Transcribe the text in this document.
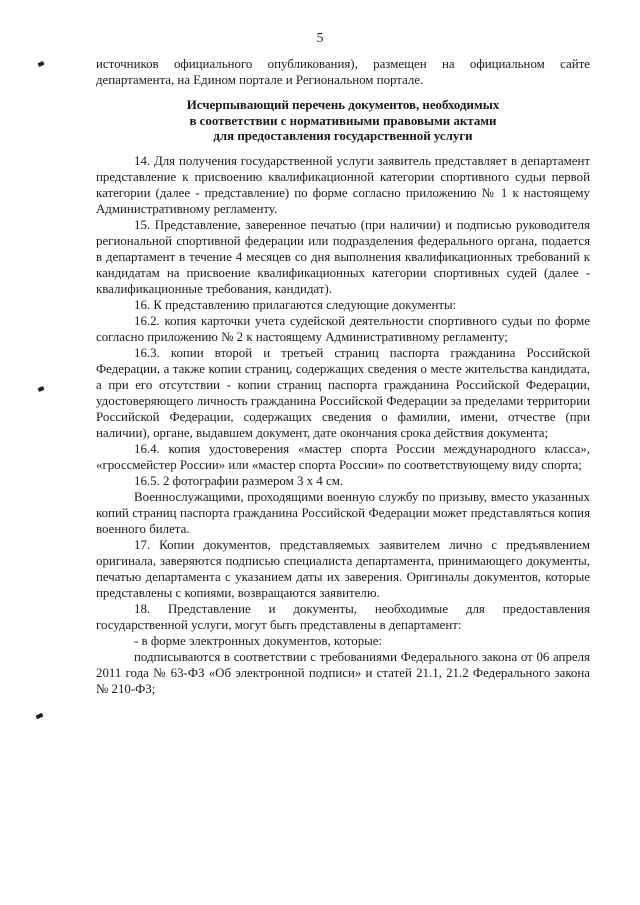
5

источников официального опубликования), размещен на официальном сайте департамента, на Едином портале и Региональном портале.

Исчерпывающий перечень документов, необходимых
в соответствии с нормативными правовыми актами
для предоставления государственной услуги

14. Для получения государственной услуги заявитель представляет в департамент представление к присвоению квалификационной категории спортивного судьи первой категории (далее - представление) по форме согласно приложению № 1 к настоящему Административному регламенту.

15. Представление, заверенное печатью (при наличии) и подписью руководителя региональной спортивной федерации или подразделения федерального органа, подается в департамент в течение 4 месяцев со дня выполнения квалификационных требований к кандидатам на присвоение квалификационных категории спортивных судей (далее - квалификационные требования, кандидат).

16. К представлению прилагаются следующие документы:

16.2. копия карточки учета судейской деятельности спортивного судьи по форме согласно приложению № 2 к настоящему Административному регламенту;

16.3. копии второй и третьей страниц паспорта гражданина Российской Федерации, а также копии страниц, содержащих сведения о месте жительства кандидата, а при его отсутствии - копии страниц паспорта гражданина Российской Федерации, удостоверяющего личность гражданина Российской Федерации за пределами территории Российской Федерации, содержащих сведения о фамилии, имени, отчестве (при наличии), органе, выдавшем документ, дате окончания срока действия документа;

16.4. копия удостоверения «мастер спорта России международного класса», «гроссмейстер России» или «мастер спорта России» по соответствующему виду спорта;

16.5. 2 фотографии размером 3 х 4 см.

Военнослужащими, проходящими военную службу по призыву, вместо указанных копий страниц паспорта гражданина Российской Федерации может представляться копия военного билета.

17. Копии документов, представляемых заявителем лично с предъявлением оригинала, заверяются подписью специалиста департамента, принимающего документы, печатью департамента с указанием даты их заверения. Оригиналы документов, которые представлены с копиями, возвращаются заявителю.

18. Представление и документы, необходимые для предоставления государственной услуги, могут быть представлены в департамент:

- в форме электронных документов, которые:

подписываются в соответствии с требованиями Федерального закона от 06 апреля 2011 года № 63-ФЗ «Об электронной подписи» и статей 21.1, 21.2 Федерального закона № 210-ФЗ;
